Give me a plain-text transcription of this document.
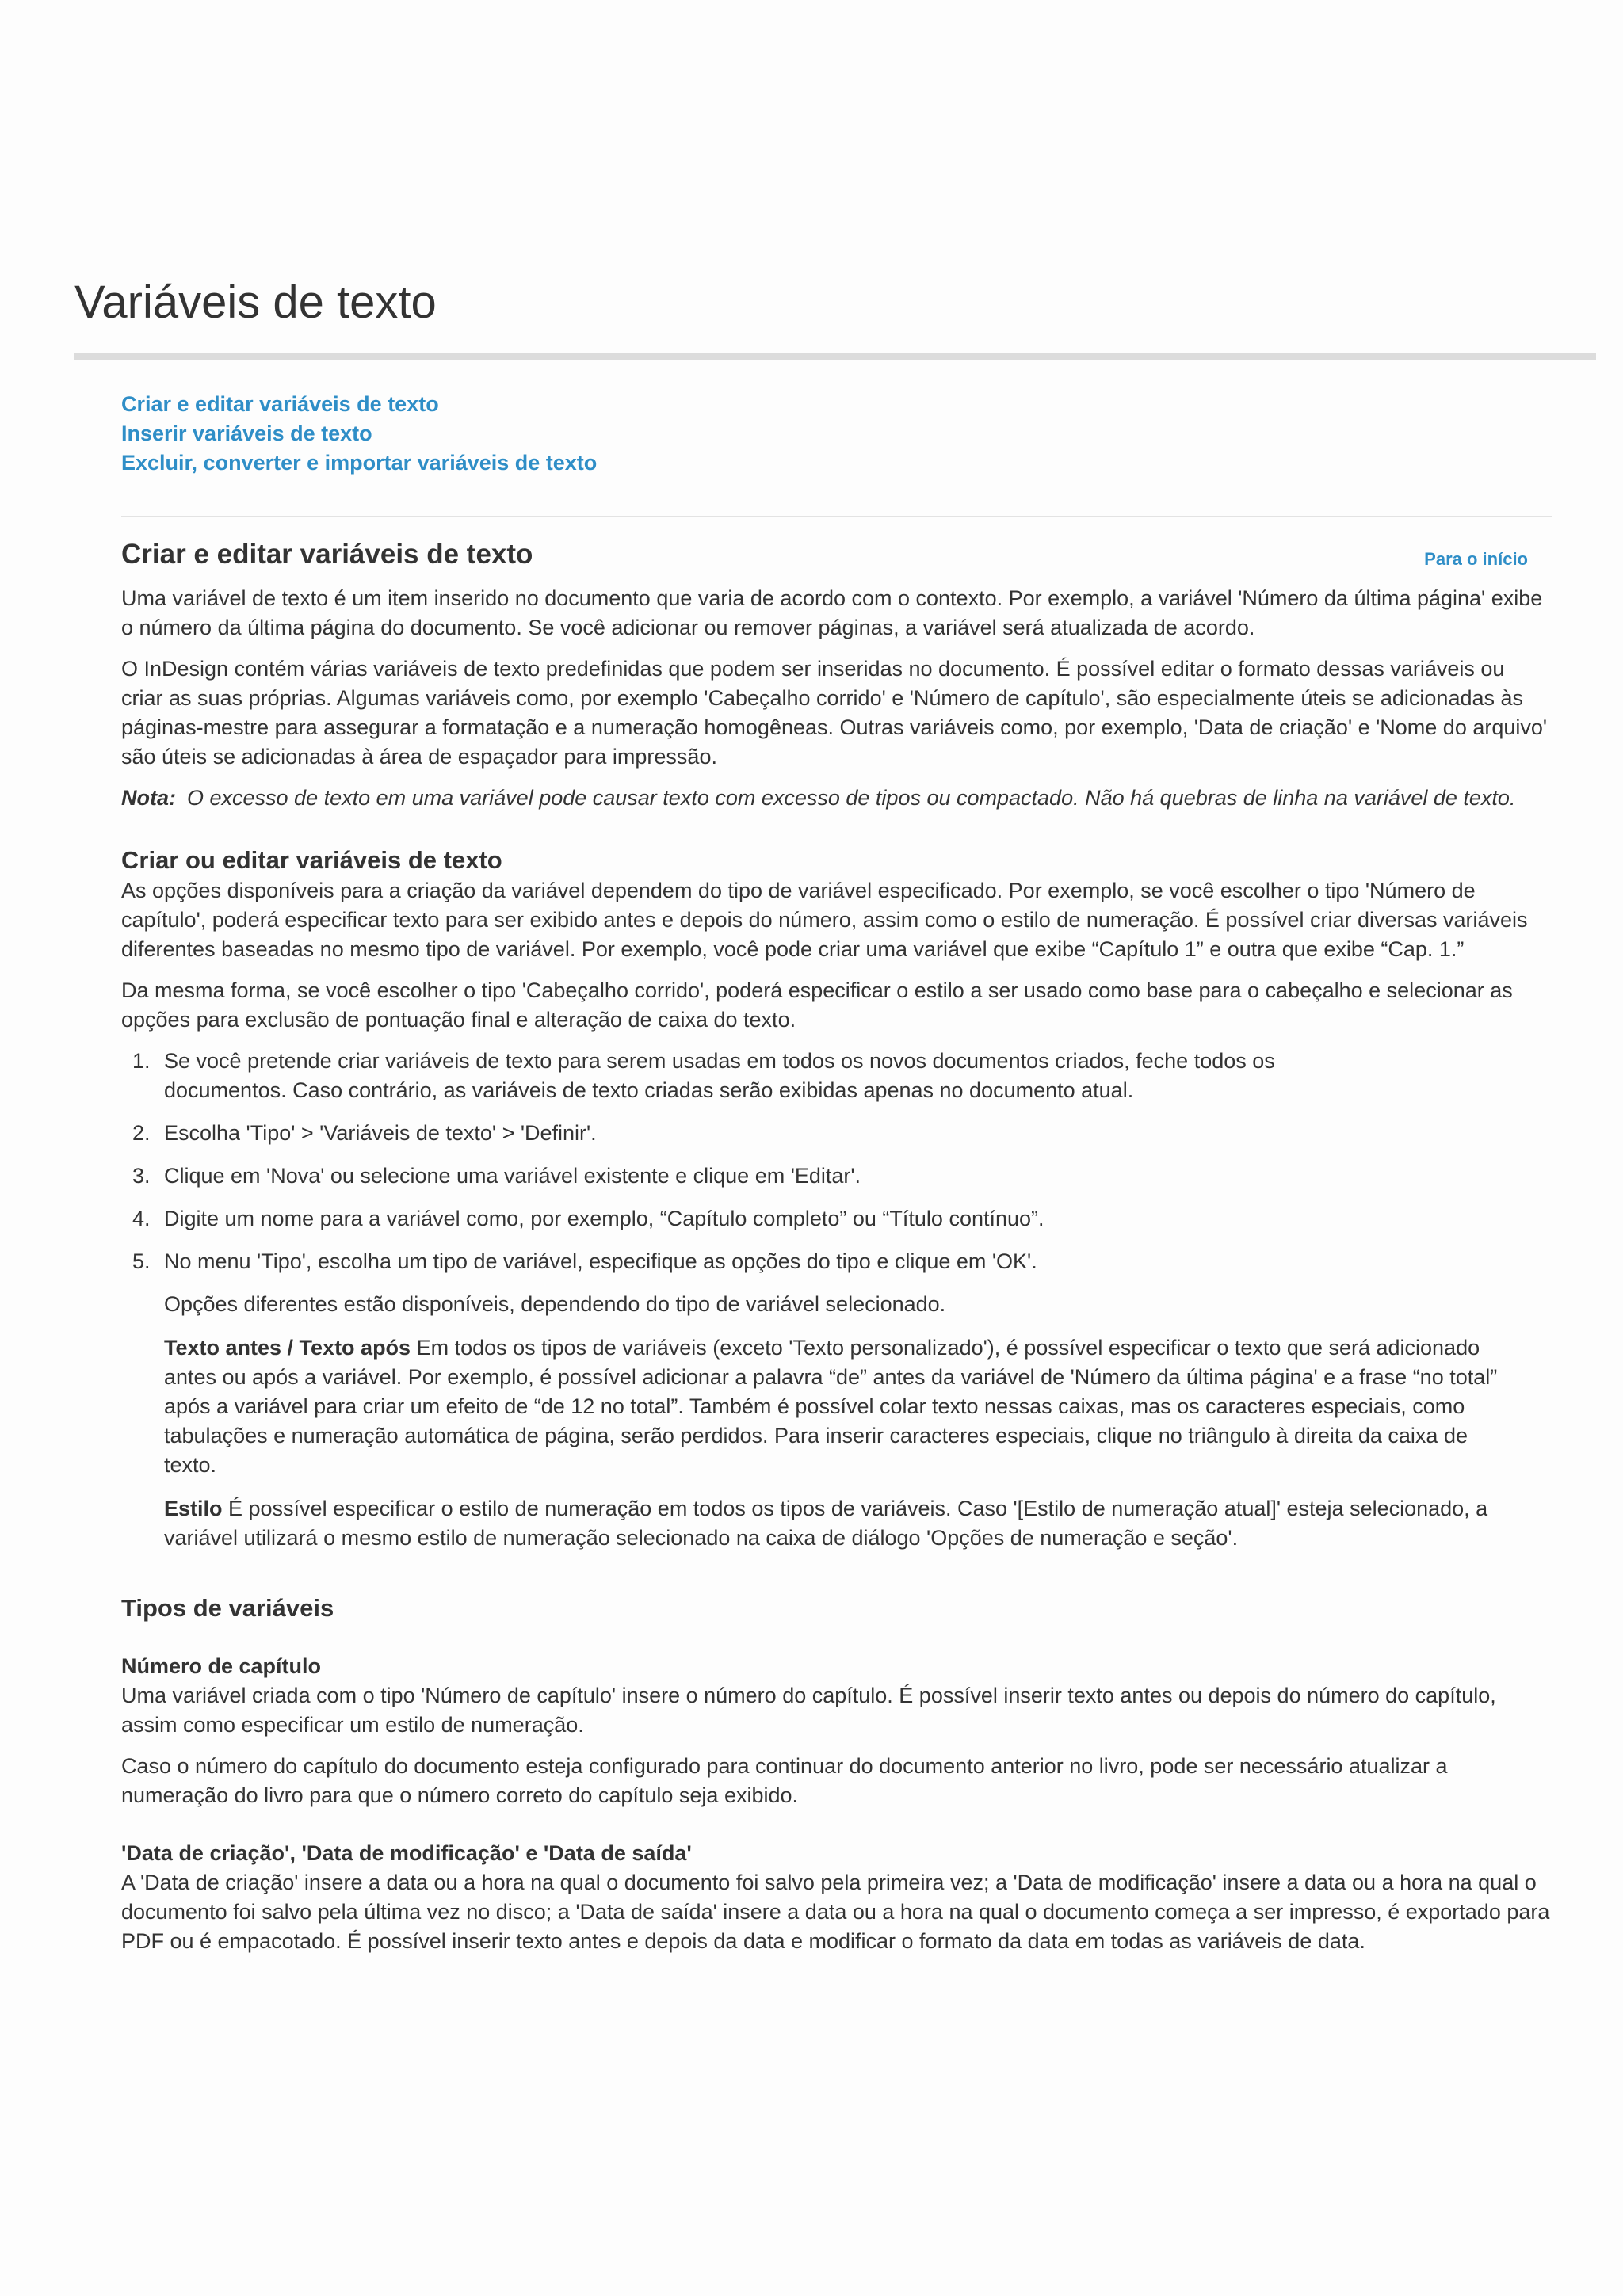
Variáveis de texto
Criar e editar variáveis de texto
Inserir variáveis de texto
Excluir, converter e importar variáveis de texto
Para o início
Criar e editar variáveis de texto

Uma variável de texto é um item inserido no documento que varia de acordo com o contexto. Por exemplo, a variável 'Número da última página' exibe o número da última página do documento. Se você adicionar ou remover páginas, a variável será atualizada de acordo.

O InDesign contém várias variáveis de texto predefinidas que podem ser inseridas no documento. É possível editar o formato dessas variáveis ou criar as suas próprias. Algumas variáveis como, por exemplo 'Cabeçalho corrido' e 'Número de capítulo', são especialmente úteis se adicionadas às páginas-mestre para assegurar a formatação e a numeração homogêneas. Outras variáveis como, por exemplo, 'Data de criação' e 'Nome do arquivo' são úteis se adicionadas à área de espaçador para impressão.

Nota: O excesso de texto em uma variável pode causar texto com excesso de tipos ou compactado. Não há quebras de linha na variável de texto.

Criar ou editar variáveis de texto

As opções disponíveis para a criação da variável dependem do tipo de variável especificado. Por exemplo, se você escolher o tipo 'Número de capítulo', poderá especificar texto para ser exibido antes e depois do número, assim como o estilo de numeração. É possível criar diversas variáveis diferentes baseadas no mesmo tipo de variável. Por exemplo, você pode criar uma variável que exibe “Capítulo 1” e outra que exibe “Cap. 1.”

Da mesma forma, se você escolher o tipo 'Cabeçalho corrido', poderá especificar o estilo a ser usado como base para o cabeçalho e selecionar as opções para exclusão de pontuação final e alteração de caixa do texto.

1. Se você pretende criar variáveis de texto para serem usadas em todos os novos documentos criados, feche todos os documentos. Caso contrário, as variáveis de texto criadas serão exibidas apenas no documento atual.
2. Escolha 'Tipo' > 'Variáveis de texto' > 'Definir'.
3. Clique em 'Nova' ou selecione uma variável existente e clique em 'Editar'.
4. Digite um nome para a variável como, por exemplo, “Capítulo completo” ou “Título contínuo”.
5. No menu 'Tipo', escolha um tipo de variável, especifique as opções do tipo e clique em 'OK'.

Opções diferentes estão disponíveis, dependendo do tipo de variável selecionado.

Texto antes / Texto após Em todos os tipos de variáveis (exceto 'Texto personalizado'), é possível especificar o texto que será adicionado antes ou após a variável. Por exemplo, é possível adicionar a palavra “de” antes da variável de 'Número da última página' e a frase “no total” após a variável para criar um efeito de “de 12 no total”. Também é possível colar texto nessas caixas, mas os caracteres especiais, como tabulações e numeração automática de página, serão perdidos. Para inserir caracteres especiais, clique no triângulo à direita da caixa de texto.

Estilo É possível especificar o estilo de numeração em todos os tipos de variáveis. Caso '[Estilo de numeração atual]' esteja selecionado, a variável utilizará o mesmo estilo de numeração selecionado na caixa de diálogo 'Opções de numeração e seção'.

Tipos de variáveis
Número de capítulo

Uma variável criada com o tipo 'Número de capítulo' insere o número do capítulo. É possível inserir texto antes ou depois do número do capítulo, assim como especificar um estilo de numeração.

Caso o número do capítulo do documento esteja configurado para continuar do documento anterior no livro, pode ser necessário atualizar a numeração do livro para que o número correto do capítulo seja exibido.

'Data de criação', 'Data de modificação' e 'Data de saída'

A 'Data de criação' insere a data ou a hora na qual o documento foi salvo pela primeira vez; a 'Data de modificação' insere a data ou a hora na qual o documento foi salvo pela última vez no disco; a 'Data de saída' insere a data ou a hora na qual o documento começa a ser impresso, é exportado para PDF ou é empacotado. É possível inserir texto antes e depois da data e modificar o formato da data em todas as variáveis de data.
